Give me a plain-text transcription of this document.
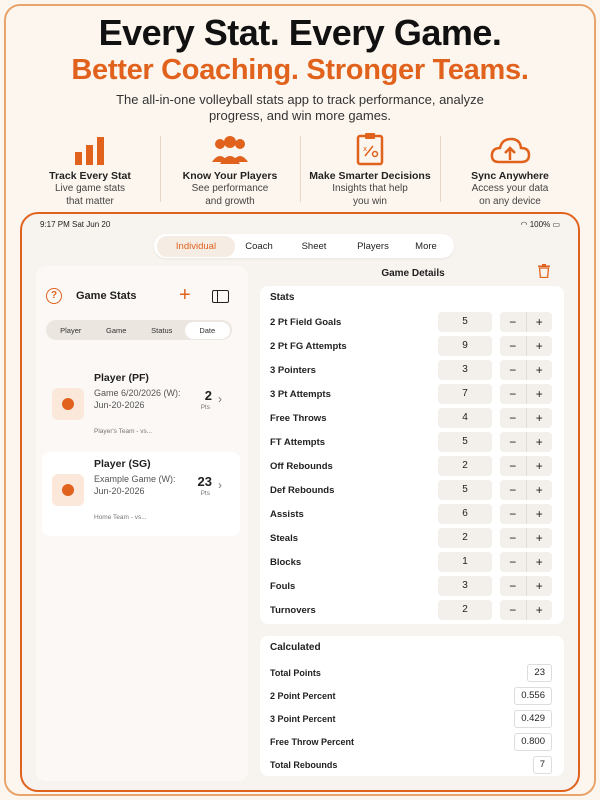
Every Stat. Every Game.
Better Coaching. Stronger Teams.
The all-in-one volleyball stats app to track performance, analyze progress, and win more games.
Track Every Stat
Live game stats
that matter
Know Your Players
See performance
and growth
x
Make Smarter Decisions
Insights that help
you win
Sync Anywhere
Access your data
on any device
9:17 PM Sat Jun 20	◠ 100% ▭
Individual	Coach	Sheet	Players	More
?	Game Stats +
Player	Game	Status	Date
Player (PF)
Game 6/20/2026 (W): Jun-20-2026
Player's Team - vs...
2
Pts
›
Player (SG)
Example Game (W): Jun-20-2026
Home Team - vs...
23
Pts
›
Game Details
Stats
2 Pt Field Goals	5	−	+
2 Pt FG Attempts	9	−	+
3 Pointers	3	−	+
3 Pt Attempts	7	−	+
Free Throws	4	−	+
FT Attempts	5	−	+
Off Rebounds	2	−	+
Def Rebounds	5	−	+
Assists	6	−	+
Steals	2	−	+
Blocks	1	−	+
Fouls	3	−	+
Turnovers	2	−	+
Calculated
Total Points	23
2 Point Percent	0.556
3 Point Percent	0.429
Free Throw Percent	0.800
Total Rebounds	7
